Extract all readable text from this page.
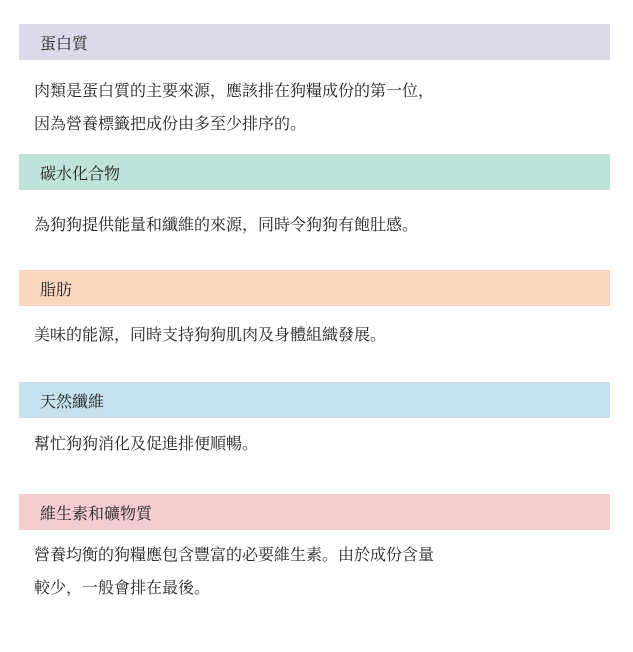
蛋白質

肉類是蛋白質的主要來源，應該排在狗糧成份的第一位，

因為營養標籤把成份由多至少排序的。

碳水化合物

為狗狗提供能量和纖維的來源，同時令狗狗有飽肚感。

脂肪

美味的能源，同時支持狗狗肌肉及身體組織發展。

天然纖維

幫忙狗狗消化及促進排便順暢。

維生素和礦物質

營養均衡的狗糧應包含豐富的必要維生素。由於成份含量

較少，一般會排在最後。
